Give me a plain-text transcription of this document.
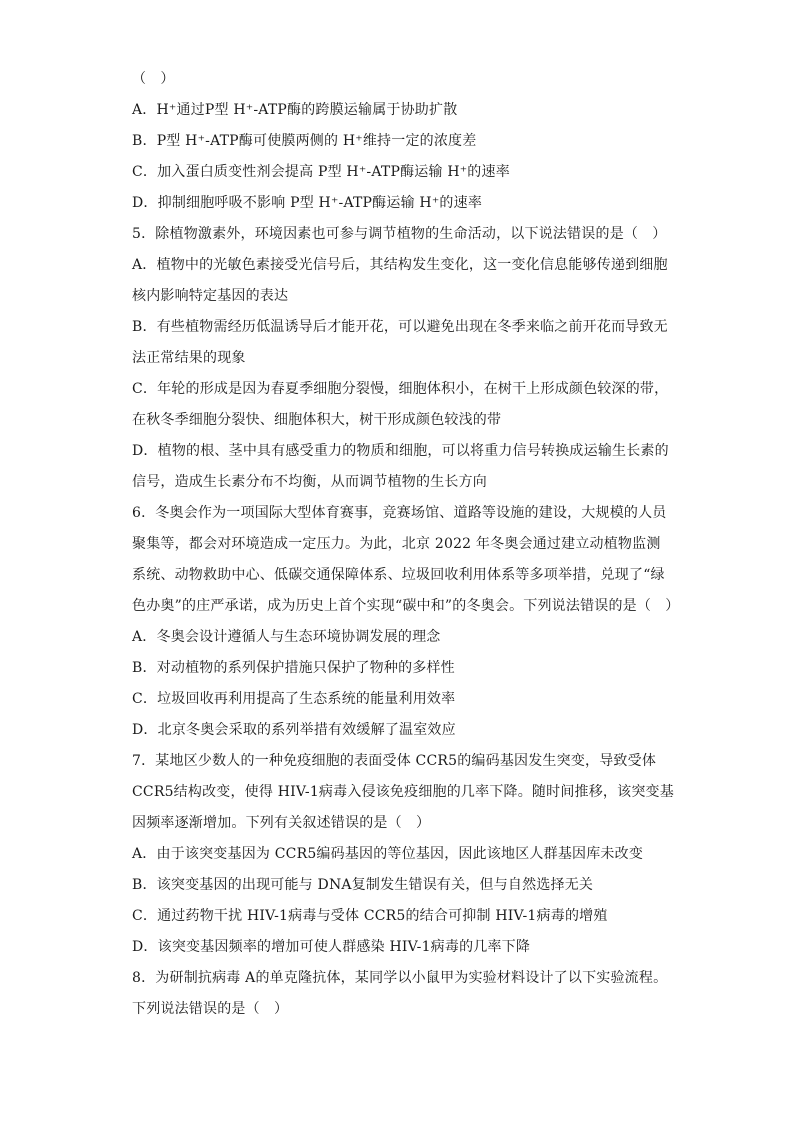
（　）
A．H⁺通过P型 H⁺-ATP酶的跨膜运输属于协助扩散
B．P型 H⁺-ATP酶可使膜两侧的 H⁺维持一定的浓度差
C．加入蛋白质变性剂会提高 P型 H⁺-ATP酶运输 H⁺的速率
D．抑制细胞呼吸不影响 P型 H⁺-ATP酶运输 H⁺的速率
5．除植物激素外，环境因素也可参与调节植物的生命活动，以下说法错误的是（　）
A．植物中的光敏色素接受光信号后，其结构发生变化，这一变化信息能够传递到细胞
核内影响特定基因的表达
B．有些植物需经历低温诱导后才能开花，可以避免出现在冬季来临之前开花而导致无
法正常结果的现象
C．年轮的形成是因为春夏季细胞分裂慢，细胞体积小，在树干上形成颜色较深的带，
在秋冬季细胞分裂快、细胞体积大，树干形成颜色较浅的带
D．植物的根、茎中具有感受重力的物质和细胞，可以将重力信号转换成运输生长素的
信号，造成生长素分布不均衡，从而调节植物的生长方向
6．冬奥会作为一项国际大型体育赛事，竞赛场馆、道路等设施的建设，大规模的人员
聚集等，都会对环境造成一定压力。为此，北京 2022 年冬奥会通过建立动植物监测
系统、动物救助中心、低碳交通保障体系、垃圾回收利用体系等多项举措，兑现了“绿
色办奥”的庄严承诺，成为历史上首个实现“碳中和”的冬奥会。下列说法错误的是（　）
A．冬奥会设计遵循人与生态环境协调发展的理念
B．对动植物的系列保护措施只保护了物种的多样性
C．垃圾回收再利用提高了生态系统的能量利用效率
D．北京冬奥会采取的系列举措有效缓解了温室效应
7．某地区少数人的一种免疫细胞的表面受体 CCR5的编码基因发生突变，导致受体
CCR5结构改变，使得 HIV-1病毒入侵该免疫细胞的几率下降。随时间推移，该突变基
因频率逐渐增加。下列有关叙述错误的是（　）
A．由于该突变基因为 CCR5编码基因的等位基因，因此该地区人群基因库未改变
B．该突变基因的出现可能与 DNA复制发生错误有关，但与自然选择无关
C．通过药物干扰 HIV-1病毒与受体 CCR5的结合可抑制 HIV-1病毒的增殖
D．该突变基因频率的增加可使人群感染 HIV-1病毒的几率下降
8．为研制抗病毒 A的单克隆抗体，某同学以小鼠甲为实验材料设计了以下实验流程。
下列说法错误的是（　）
